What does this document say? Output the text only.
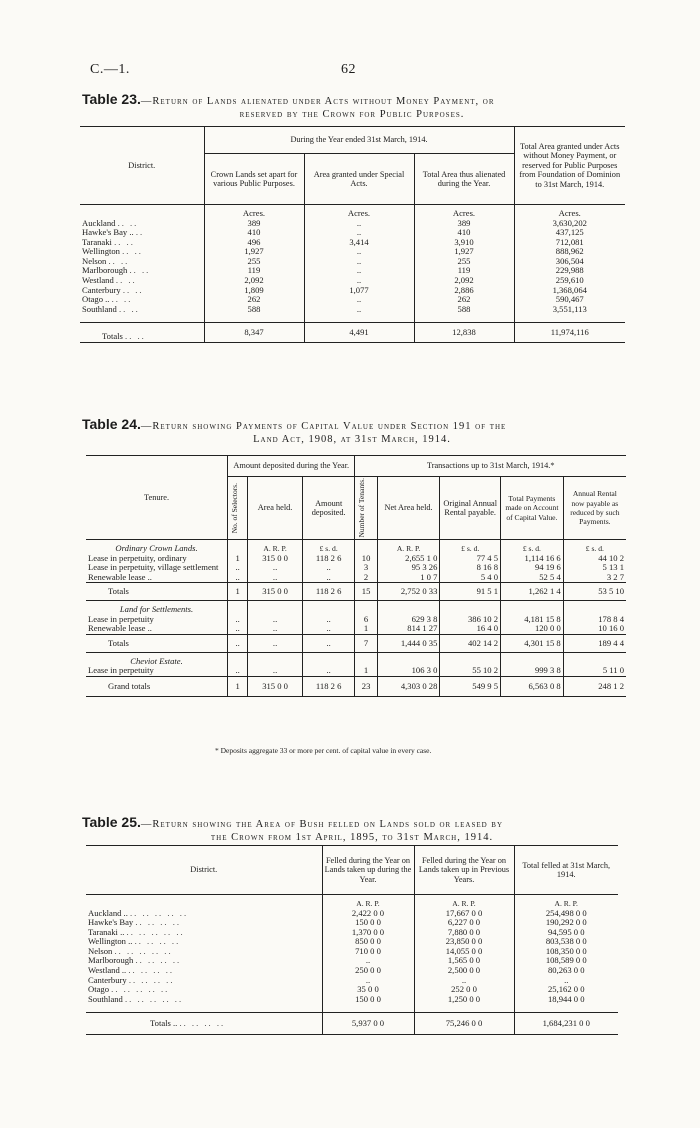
C.—1.	62
Table 23.—Return of Lands alienated under Acts without Money Payment, or
reserved by the Crown for Public Purposes.
District.	During the Year ended 31st March, 1914.			Total Area granted under Acts without Money Payment, or reserved for Public Purposes from Foundation of Dominion to 31st March, 1914.
	Crown Lands set apart for various Public Purposes.	Area granted under Special Acts.	Total Area thus alienated during the Year.	
	Acres.	Acres.	Acres.	Acres.
Auckland .. ..	389	..	389	3,630,202
Hawke's Bay .. ..	410	..	410	437,125
Taranaki .. ..	496	3,414	3,910	712,081
Wellington .. ..	1,927	..	1,927	888,962
Nelson .. ..	255	..	255	306,504
Marlborough .. ..	119	..	119	229,988
Westland .. ..	2,092	..	2,092	259,610
Canterbury .. ..	1,809	1,077	2,886	1,368,064
Otago .. .. ..	262	..	262	590,467
Southland .. ..	588	..	588	3,551,113

Totals .. ..	8,347	4,491	12,838	11,974,116
Table 24.—Return showing Payments of Capital Value under Section 191 of the
Land Act, 1908, at 31st March, 1914.
Tenure.	Amount deposited during the Year.			Transactions up to 31st March, 1914.*				

	No. of Selectors.	Area held.	Amount deposited.	Number of Tenants.	Net Area held.	Original Annual Rental payable.	Total Payments made on Account of Capital Value.	Annual Rental now payable as reduced by such Payments.
Ordinary Crown Lands.		A. R. P.	£ s. d.		A. R. P.	£ s. d.	£ s. d.	£ s. d.
Lease in perpetuity, ordinary	1	315 0 0	118 2 6	10	2,655 1 0	77 4 5	1,114 16 6	44 10 2
Lease in perpetuity, village settlement	..	..	..	3	95 3 26	8 16 8	94 19 6	5 13 1
Renewable lease ..	..	..	..	2	1 0 7	5 4 0	52 5 4	3 2 7
Totals	1	315 0 0	118 2 6	15	2,752 0 33	91 5 1	1,262 1 4	53 5 10
Land for Settlements.								
Lease in perpetuity	..	..	..	6	629 3 8	386 10 2	4,181 15 8	178 8 4
Renewable lease ..	..	..	..	1	814 1 27	16 4 0	120 0 0	10 16 0
Totals	..	..	..	7	1,444 0 35	402 14 2	4,301 15 8	189 4 4
Cheviot Estate.								
Lease in perpetuity	..	..	..	1	106 3 0	55 10 2	999 3 8	5 11 0
Grand totals	1	315 0 0	118 2 6	23	4,303 0 28	549 9 5	6,563 0 8	248 1 2
* Deposits aggregate 33 or more per cent. of capital value in every case.
Table 25.—Return showing the Area of Bush felled on Lands sold or leased by
the Crown from 1st April, 1895, to 31st March, 1914.
District.	Felled during the Year on Lands taken up during the Year.	Felled during the Year on Lands taken up in Previous Years.	Total felled at 31st March, 1914.
	A. R. P.	A. R. P.	A. R. P.
Auckland .. .. .. .. .. ..	2,422 0 0	17,667 0 0	254,498 0 0
Hawke's Bay .. .. .. ..	150 0 0	6,227 0 0	190,292 0 0
Taranaki .. .. .. .. .. ..	1,370 0 0	7,880 0 0	94,595 0 0
Wellington .. .. .. .. ..	850 0 0	23,850 0 0	803,538 0 0
Nelson .. .. .. .. ..	710 0 0	14,055 0 0	108,350 0 0
Marlborough .. .. .. ..	..	1,565 0 0	108,589 0 0
Westland .. .. .. .. ..	250 0 0	2,500 0 0	80,263 0 0
Canterbury .. .. .. ..	..	..	..
Otago .. .. .. .. ..	35 0 0	252 0 0	25,162 0 0
Southland .. .. .. .. ..	150 0 0	1,250 0 0	18,944 0 0

Totals .. .. .. .. ..	5,937 0 0	75,246 0 0	1,684,231 0 0
